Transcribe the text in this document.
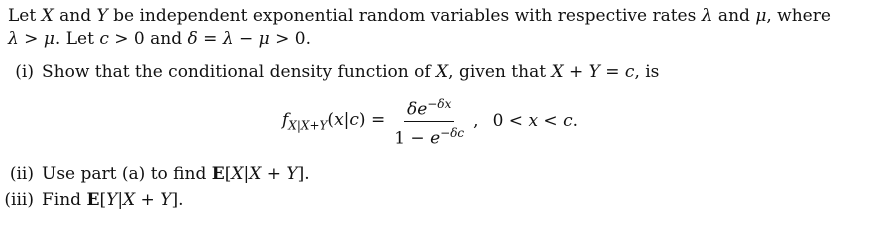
Let X and Y be independent exponential random variables with respective rates λ and μ, where
λ > μ. Let c > 0 and δ = λ − μ > 0.
(i) Show that the conditional density function of X, given that X + Y = c, is
$f_{X|X+Y}(x|c) = \frac{\delta e^{-\delta x}}{1 - e^{-\delta c}}$ , 0 < x < c.
(ii) Use part (a) to find E[X|X + Y].
(iii) Find E[Y|X + Y].
